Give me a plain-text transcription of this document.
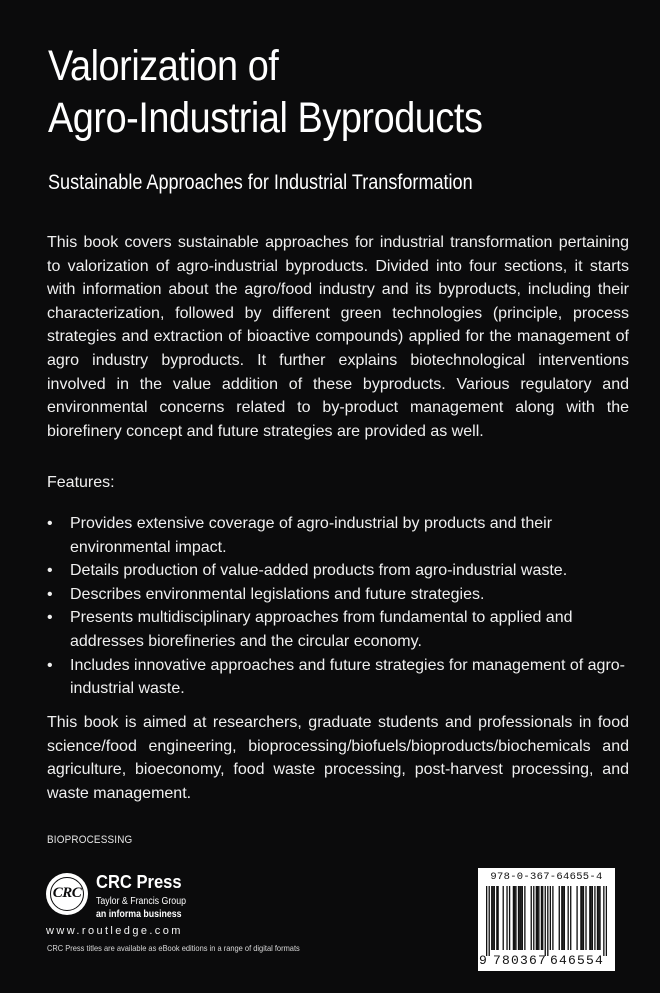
Valorization of
Agro-Industrial Byproducts
Sustainable Approaches for Industrial Transformation

This book covers sustainable approaches for industrial transformation pertaining to valorization of agro-industrial byproducts. Divided into four sections, it starts with information about the agro/food industry and its byproducts, including their characterization, followed by different green technologies (principle, process strategies and extraction of bioactive compounds) applied for the management of agro industry byproducts. It further explains biotechnological interventions involved in the value addition of these byproducts. Various regulatory and environmental concerns related to by-product management along with the biorefinery concept and future strategies are provided as well.

Features:

• Provides extensive coverage of agro-industrial by products and their environmental impact.
• Details production of value-added products from agro-industrial waste.
• Describes environmental legislations and future strategies.
• Presents multidisciplinary approaches from fundamental to applied and addresses biorefineries and the circular economy.
• Includes innovative approaches and future strategies for management of agro-industrial waste.

This book is aimed at researchers, graduate students and professionals in food science/food engineering, bioprocessing/biofuels/bioproducts/biochemicals and agriculture, bioeconomy, food waste processing, post-harvest processing, and waste management.

BIOPROCESSING
CRC
CRC Press
Taylor & Francis Group
an informa business
www.routledge.com
CRC Press titles are available as eBook editions in a range of digital formats
978-0-367-64655-4
9 780367 646554
